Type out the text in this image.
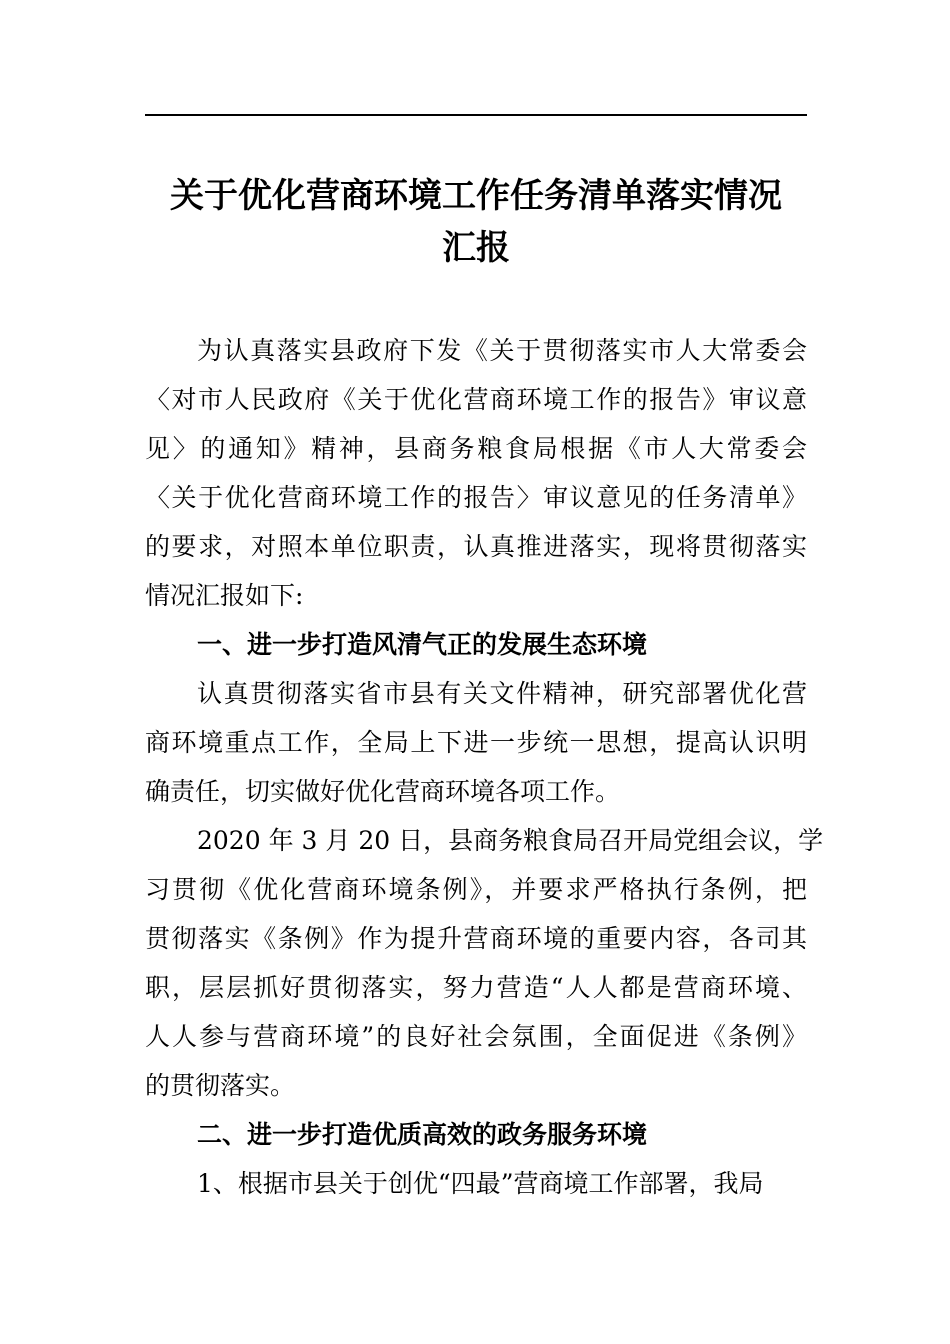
关于优化营商环境工作任务清单落实情况
汇报
为认真落实县政府下发《关于贯彻落实市人大常委会
〈对市人民政府《关于优化营商环境工作的报告》审议意
见〉的通知》精神，县商务粮食局根据《市人大常委会
〈关于优化营商环境工作的报告〉审议意见的任务清单》
的要求，对照本单位职责，认真推进落实，现将贯彻落实
情况汇报如下:
一、进一步打造风清气正的发展生态环境
认真贯彻落实省市县有关文件精神，研究部署优化营
商环境重点工作，全局上下进一步统一思想，提高认识明
确责任，切实做好优化营商环境各项工作。
2020 年 3 月 20 日，县商务粮食局召开局党组会议，学
习贯彻《优化营商环境条例》，并要求严格执行条例，把
贯彻落实《条例》作为提升营商环境的重要内容，各司其
职，层层抓好贯彻落实，努力营造“人人都是营商环境、
人人参与营商环境”的良好社会氛围，全面促进《条例》
的贯彻落实。
二、进一步打造优质高效的政务服务环境
1、根据市县关于创优“四最”营商境工作部署，我局
